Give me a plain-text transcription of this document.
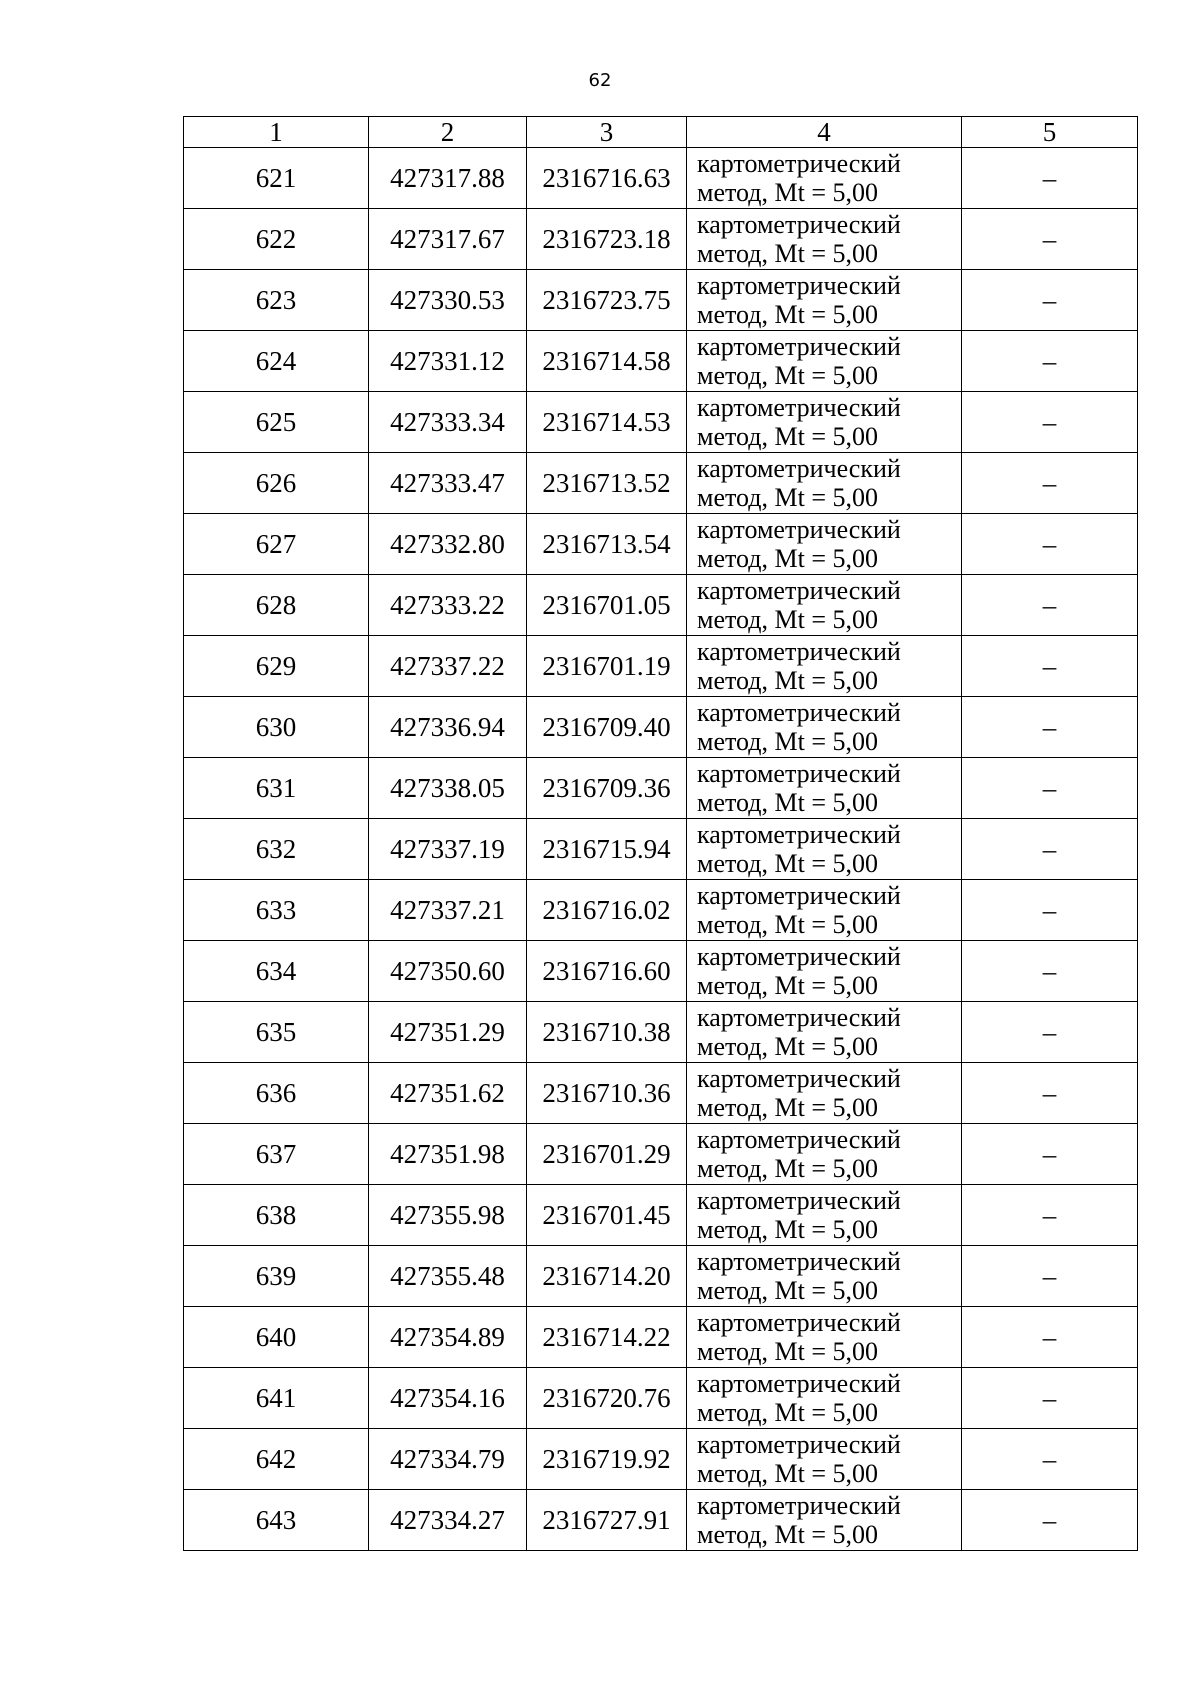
62
1	2	3	4	5
621	427317.88	2316716.63	картометрический
метод, Mt = 5,00	–
622	427317.67	2316723.18	картометрический
метод, Mt = 5,00	–
623	427330.53	2316723.75	картометрический
метод, Mt = 5,00	–
624	427331.12	2316714.58	картометрический
метод, Mt = 5,00	–
625	427333.34	2316714.53	картометрический
метод, Mt = 5,00	–
626	427333.47	2316713.52	картометрический
метод, Mt = 5,00	–
627	427332.80	2316713.54	картометрический
метод, Mt = 5,00	–
628	427333.22	2316701.05	картометрический
метод, Mt = 5,00	–
629	427337.22	2316701.19	картометрический
метод, Mt = 5,00	–
630	427336.94	2316709.40	картометрический
метод, Mt = 5,00	–
631	427338.05	2316709.36	картометрический
метод, Mt = 5,00	–
632	427337.19	2316715.94	картометрический
метод, Mt = 5,00	–
633	427337.21	2316716.02	картометрический
метод, Mt = 5,00	–
634	427350.60	2316716.60	картометрический
метод, Mt = 5,00	–
635	427351.29	2316710.38	картометрический
метод, Mt = 5,00	–
636	427351.62	2316710.36	картометрический
метод, Mt = 5,00	–
637	427351.98	2316701.29	картометрический
метод, Mt = 5,00	–
638	427355.98	2316701.45	картометрический
метод, Mt = 5,00	–
639	427355.48	2316714.20	картометрический
метод, Mt = 5,00	–
640	427354.89	2316714.22	картометрический
метод, Mt = 5,00	–
641	427354.16	2316720.76	картометрический
метод, Mt = 5,00	–
642	427334.79	2316719.92	картометрический
метод, Mt = 5,00	–
643	427334.27	2316727.91	картометрический
метод, Mt = 5,00	–
